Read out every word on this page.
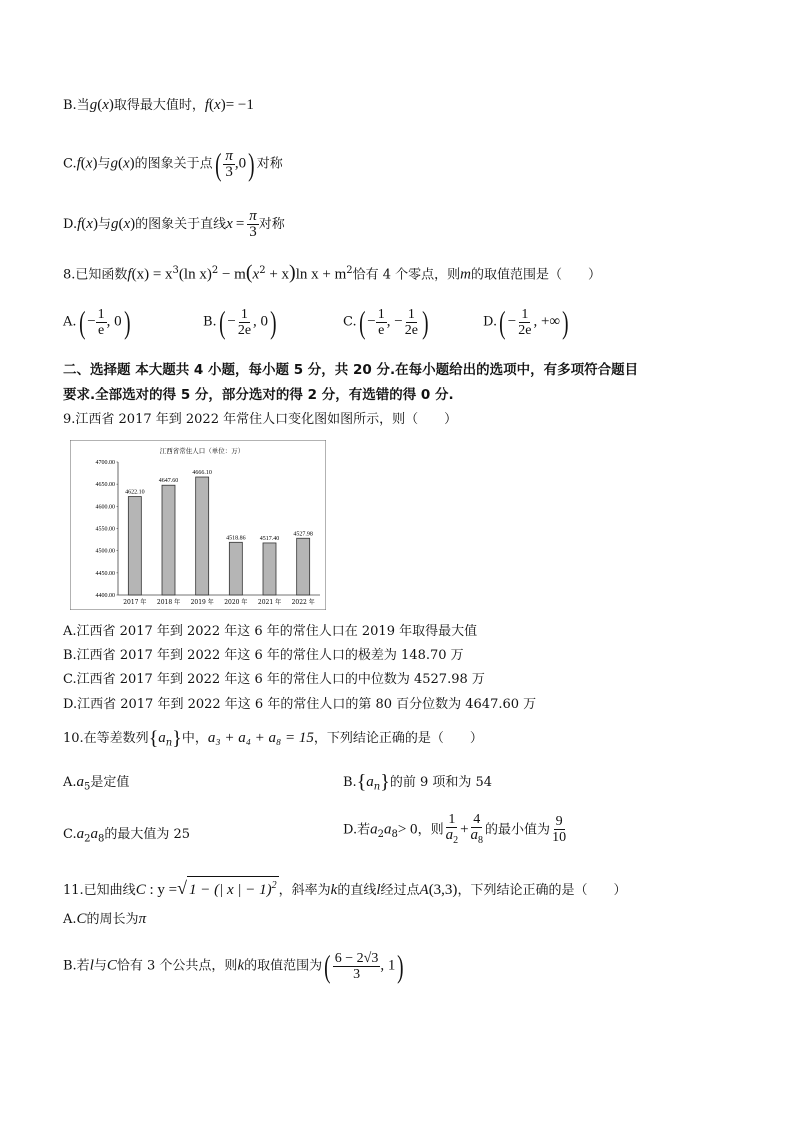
B.当g(x)取得最大值时，f(x)= −1
C.f(x)与g(x)的图象关于点( $\frac{\pi}{3} ,0$) 对称
D.f(x)与g(x)的图象关于直线$x = \frac{\pi}{3}$ 对称
8.已知函数$f(x) = x^3(\ln$ $x)^2 - m(x^2 + x)\ln$ $x + m^2$恰有 4 个零点，则m的取值范围是（　　）
$A.( - \frac{1}{e}$ , 0)	$B.( - \frac{1}{2e}$ , 0)	$C.( - \frac{1}{e}$ , − $\frac{1}{2e}$ )	$D.( - \frac{1}{2e}$ , +∞)
二、选择题 本大题共 4 小题，每小题 5 分，共 20 分.在每小题给出的选项中，有多项符合题目
要求.全部选对的得 5 分，部分选对的得 2 分，有选错的得 0 分.
9.江西省 2017 年到 2022 年常住人口变化图如图所示，则（　　）
江西省常住人口（单位：万）
4400.00
4450.00
4500.00
4550.00
4600.00
4650.00
4700.00
4622.10
4647.60
4666.10
4518.86 4517.40
4527.98
2017 年 2018 年 2019 年 2020 年 2021 年 2022 年
A.江西省 2017 年到 2022 年这 6 年的常住人口在 2019 年取得最大值
B.江西省 2017 年到 2022 年这 6 年的常住人口的极差为 148.70 万
C.江西省 2017 年到 2022 年这 6 年的常住人口的中位数为 4527.98 万
D.江西省 2017 年到 2022 年这 6 年的常住人口的第 80 百分位数为 4647.60 万
10.在等差数列$\{a_n\}$中，a₃ + a₄ + a₈ = 15，下列结论正确的是（　　）
$A.a_5$是定值	$B.\{a_n\}$的前 9 项和为 54
$C.a_2a_8$的最大值为 25	D.若$a_2a_8> 0$，则 $\frac{1}{a_2} + \frac{4}{a_8}$ 的最小值为 $\frac{9}{10}$
11.已知曲线C : y =√ 1 − (| x | − 1)$^2$ ，斜率为k的直线l经过点A(3,3)，下列结论正确的是（　　）
A.C的周长为π
B.若l与C恰有 3 个公共点，则k的取值范围为( $\frac{6 - 2√3}{3}$ , 1)
